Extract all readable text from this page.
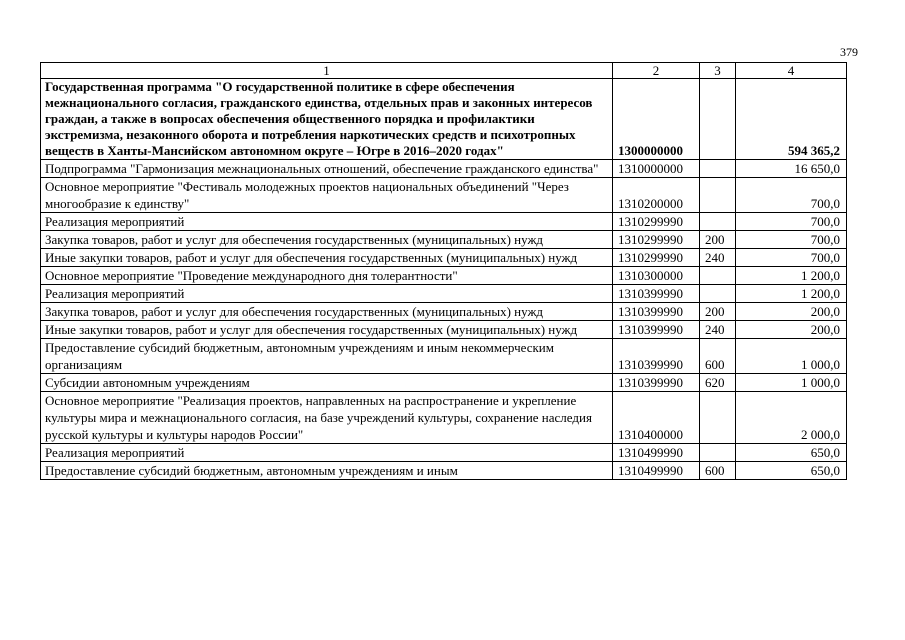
379
1	2	3	4
Государственная программа "О государственной политике в сфере обеспечения межнационального согласия, гражданского единства, отдельных прав и законных интересов граждан, а также в вопросах обеспечения общественного порядка и профилактики экстремизма, незаконного оборота и потребления наркотических средств и психотропных веществ в Ханты-Мансийском автономном округе – Югре в 2016–2020 годах"	1300000000		594 365,2
Подпрограмма "Гармонизация межнациональных отношений, обеспечение гражданского единства"	1310000000		16 650,0
Основное мероприятие "Фестиваль молодежных проектов национальных объединений "Через многообразие к единству"	1310200000		700,0
Реализация мероприятий	1310299990		700,0
Закупка товаров, работ и услуг для обеспечения государственных (муниципальных) нужд	1310299990	200	700,0
Иные закупки товаров, работ и услуг для обеспечения государственных (муниципальных) нужд	1310299990	240	700,0
Основное мероприятие "Проведение международного дня толерантности"	1310300000		1 200,0
Реализация мероприятий	1310399990		1 200,0
Закупка товаров, работ и услуг для обеспечения государственных (муниципальных) нужд	1310399990	200	200,0
Иные закупки товаров, работ и услуг для обеспечения государственных (муниципальных) нужд	1310399990	240	200,0
Предоставление субсидий бюджетным, автономным учреждениям и иным некоммерческим организациям	1310399990	600	1 000,0
Субсидии автономным учреждениям	1310399990	620	1 000,0
Основное мероприятие "Реализация проектов, направленных на распространение и укрепление культуры мира и межнационального согласия, на базе учреждений культуры, сохранение наследия русской культуры и культуры народов России"	1310400000		2 000,0
Реализация мероприятий	1310499990		650,0
Предоставление субсидий бюджетным, автономным учреждениям и иным	1310499990	600	650,0
